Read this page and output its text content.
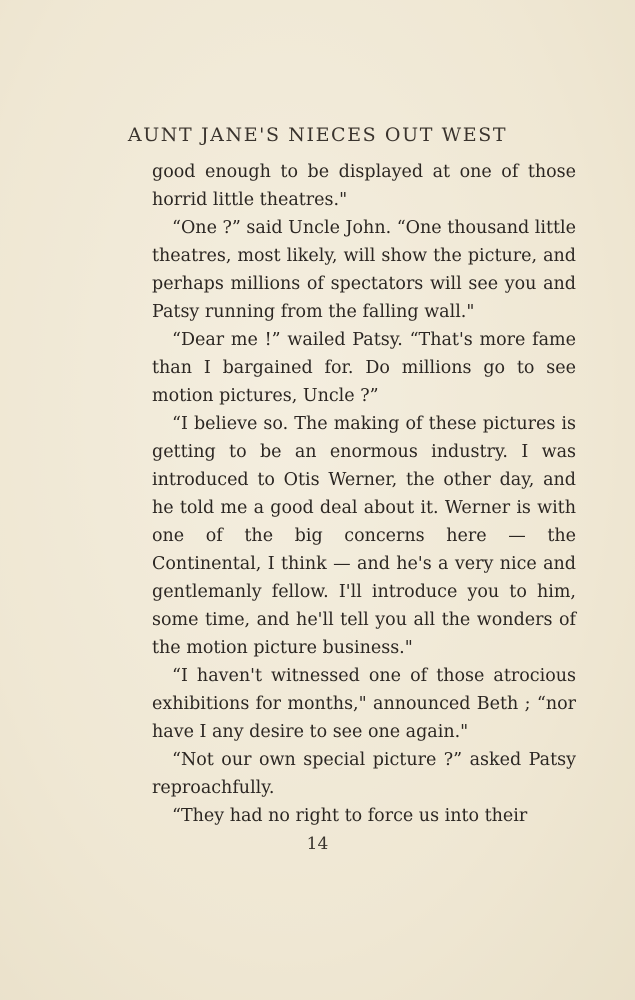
AUNT JANE'S NIECES OUT WEST

good enough to be displayed at one of those horrid little theatres."

“One ?” said Uncle John. “One thousand little theatres, most likely, will show the picture, and perhaps millions of spectators will see you and Patsy running from the falling wall."

“Dear me !” wailed Patsy. “That's more fame than I bargained for. Do millions go to see motion pictures, Uncle ?”

“I believe so. The making of these pictures is getting to be an enormous industry. I was introduced to Otis Werner, the other day, and he told me a good deal about it. Werner is with one of the big concerns here — the Continental, I think — and he's a very nice and gentlemanly fellow. I'll introduce you to him, some time, and he'll tell you all the wonders of the motion picture business."

“I haven't witnessed one of those atrocious exhibitions for months," announced Beth ; “nor have I any desire to see one again."

“Not our own special picture ?” asked Patsy reproachfully.

“They had no right to force us into their

14
